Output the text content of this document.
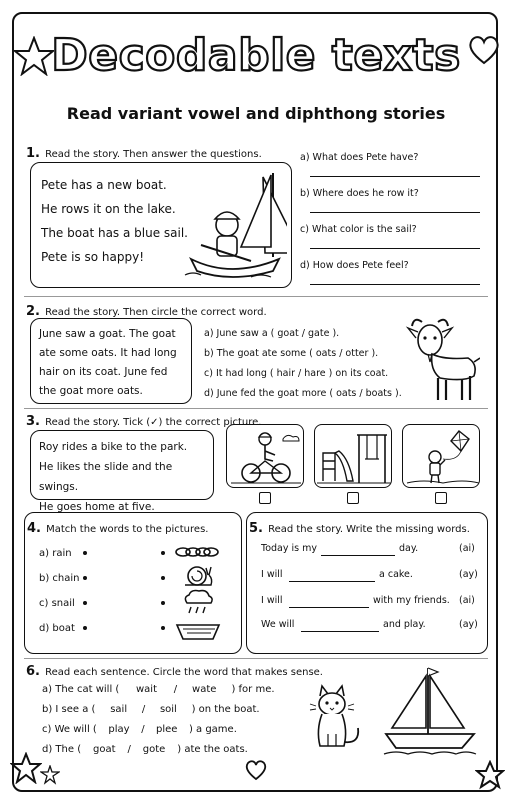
Decodable texts
Read variant vowel and diphthong stories
1. Read the story. Then answer the questions.
Pete has a new boat.
He rows it on the lake.
The boat has a blue sail.
Pete is so happy!
a) What does Pete have?
b) Where does he row it?
c) What color is the sail?
d) How does Pete feel?
2. Read the story. Then circle the correct word.
June saw a goat. The goat
ate some oats. It had long
hair on its coat. June fed
the goat more oats.
a) June saw a ( goat / gate ).
b) The goat ate some ( oats / otter ).
c) It had long ( hair / hare ) on its coat.
d) June fed the goat more ( oats / boats ).
3. Read the story. Tick (✓) the correct picture.
Roy rides a bike to the park.
He likes the slide and the swings.
He goes home at five.
4. Match the words to the pictures.
a) rain
b) chain
c) snail
d) boat
5. Read the story. Write the missing words.
Today is my	day.	(ai)
I will	a cake.	(ay)
I will	with my friends. (ai)
We will	and play.	(ay)
6. Read each sentence. Circle the word that makes sense.
a) The cat will ( wait / wate ) for me.
b) I see a ( sail / soil ) on the boat.
c) We will ( play / plee ) a game.
d) The ( goat / gote ) ate the oats.
